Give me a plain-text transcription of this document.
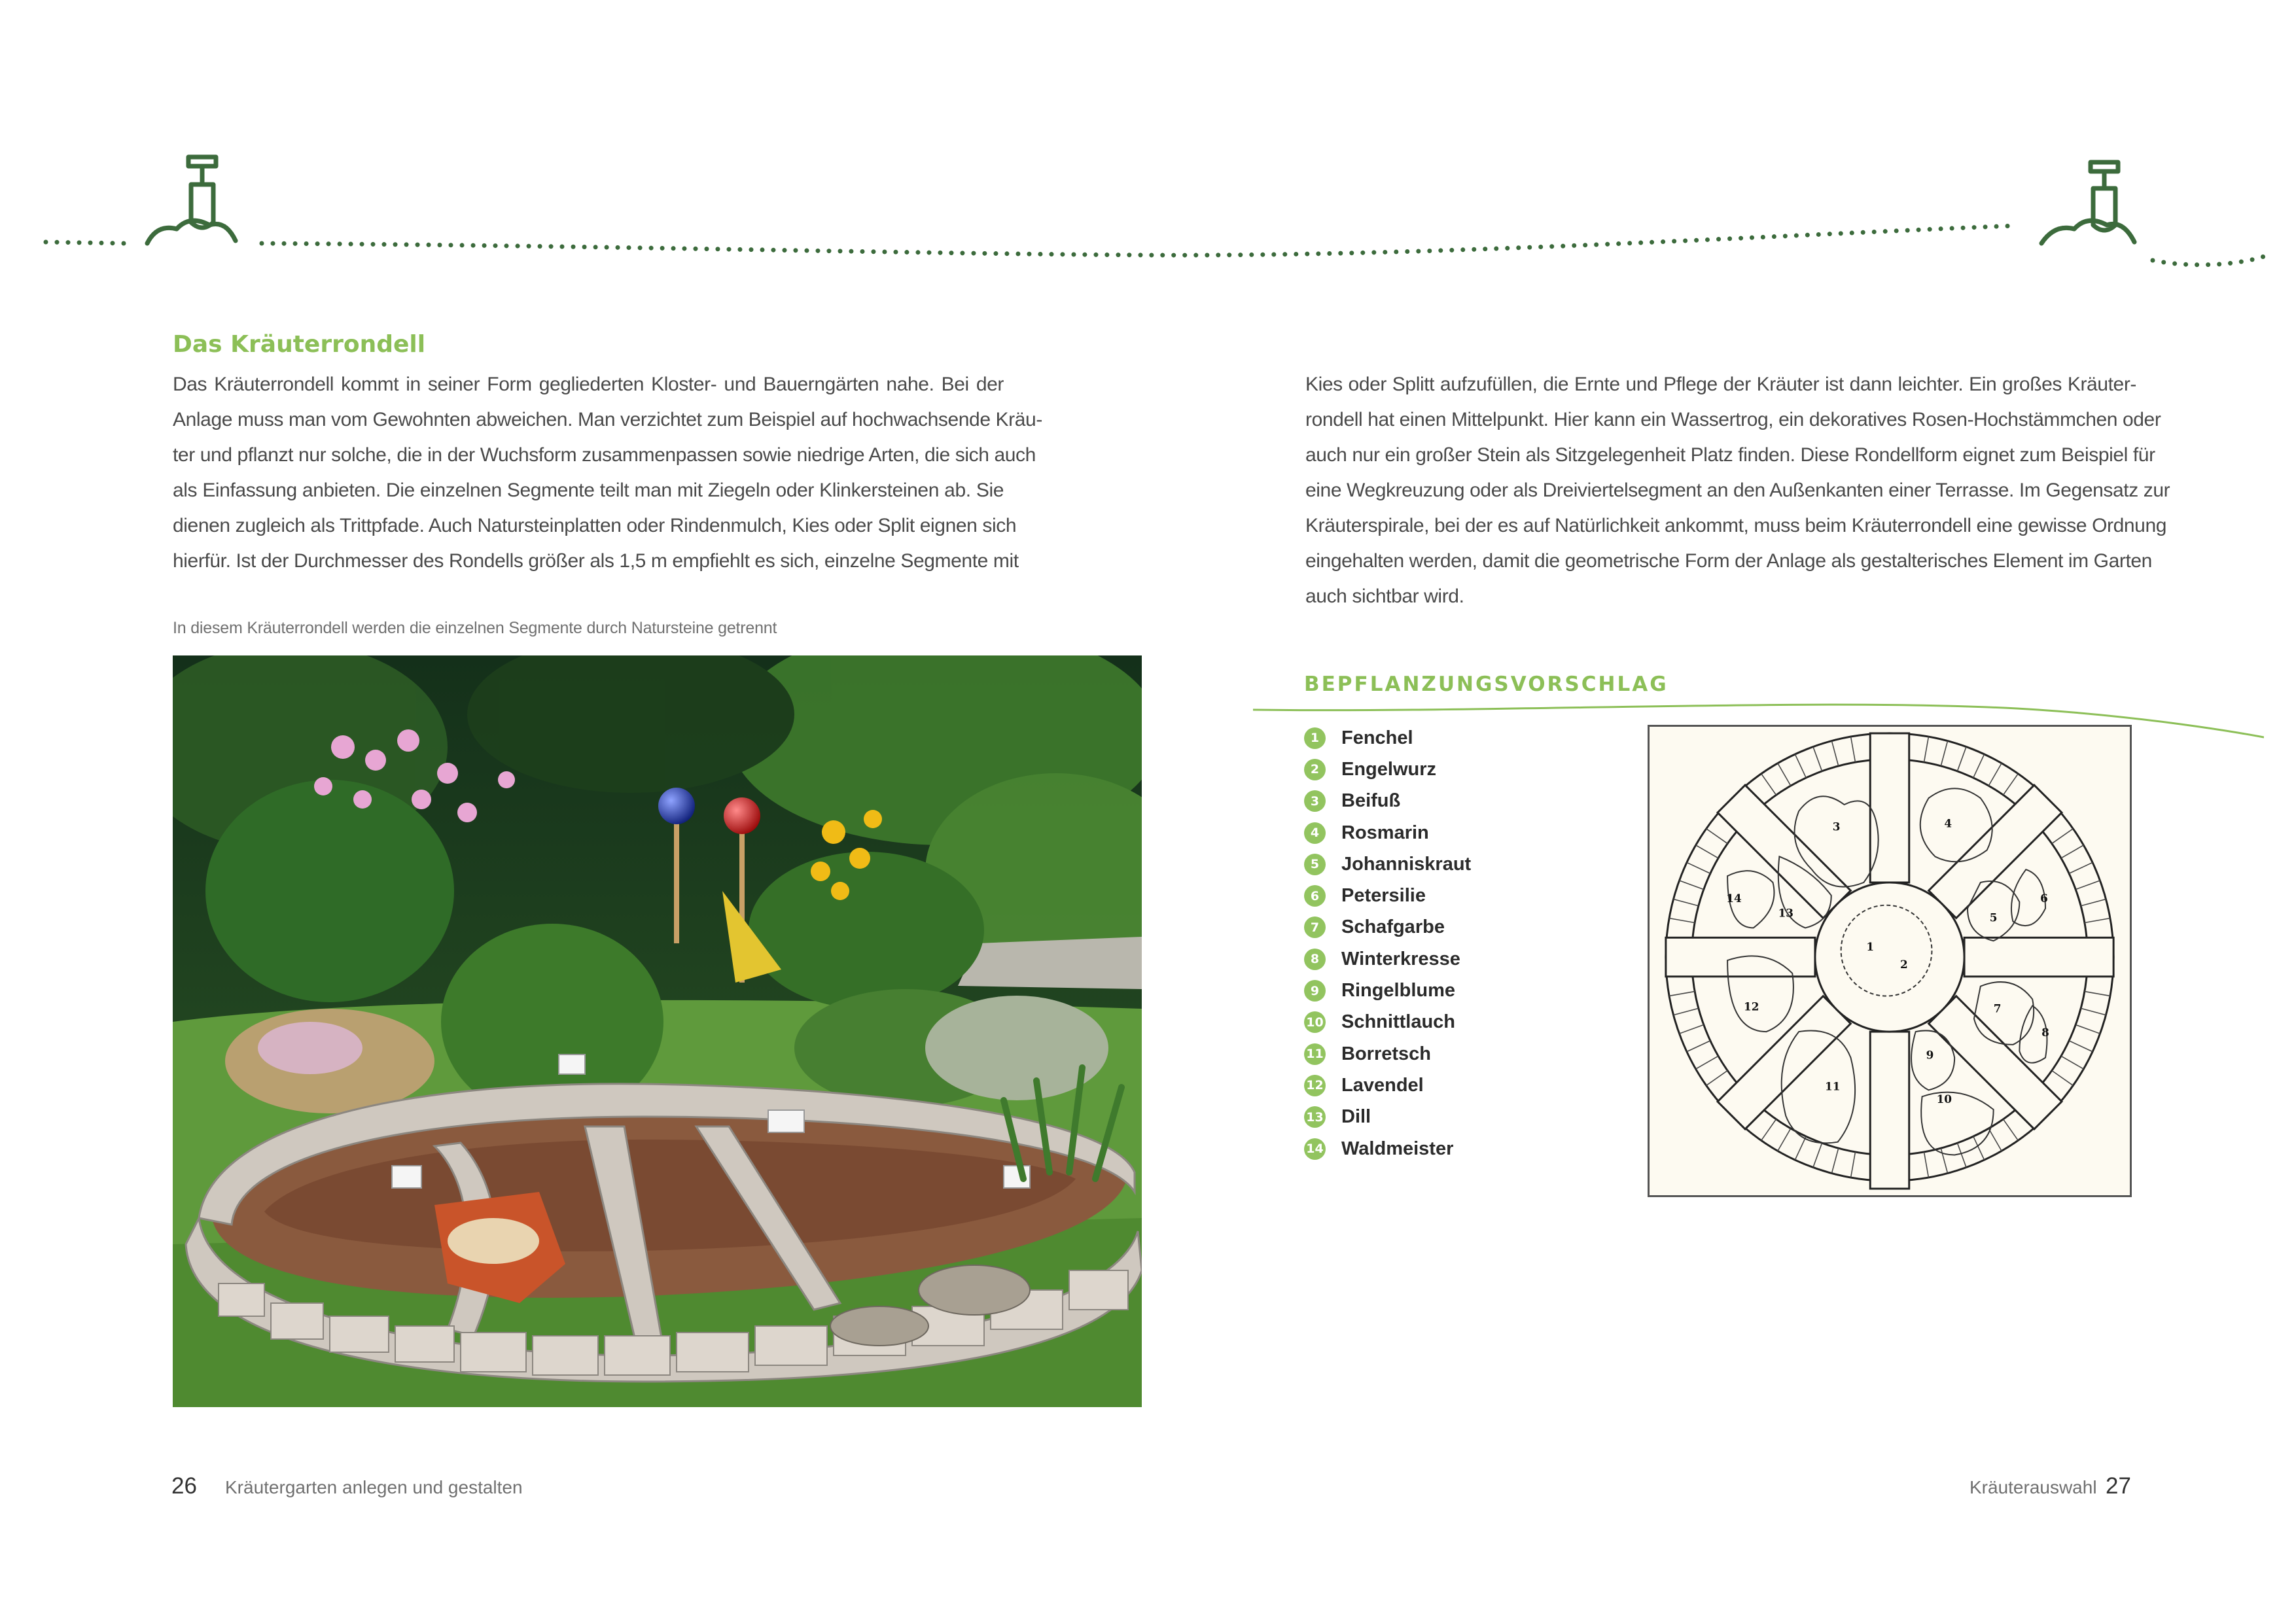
Das Kräuterrondell
Das Kräuterrondell kommt in seiner Form gegliederten Kloster- und Bauerngärten nahe. Bei der
Anlage muss man vom Gewohnten abweichen. Man verzichtet zum Beispiel auf hochwachsende Kräu-
ter und pflanzt nur solche, die in der Wuchsform zusammenpassen sowie niedrige Arten, die sich auch
als Einfassung anbieten. Die einzelnen Segmente teilt man mit Ziegeln oder Klinkersteinen ab. Sie
dienen zugleich als Trittpfade. Auch Natursteinplatten oder Rindenmulch, Kies oder Split eignen sich
hierfür. Ist der Durchmesser des Rondells größer als 1,5 m empfiehlt es sich, einzelne Segmente mit
In diesem Kräuterrondell werden die einzelnen Segmente durch Natursteine getrennt
Kies oder Splitt aufzufüllen, die Ernte und Pflege der Kräuter ist dann leichter. Ein großes Kräuter-
rondell hat einen Mittelpunkt. Hier kann ein Wassertrog, ein dekoratives Rosen-Hochstämmchen oder
auch nur ein großer Stein als Sitzgelegenheit Platz finden. Diese Rondellform eignet zum Beispiel für
eine Wegkreuzung oder als Dreiviertelsegment an den Außenkanten einer Terrasse. Im Gegensatz zur
Kräuterspirale, bei der es auf Natürlichkeit ankommt, muss beim Kräuterrondell eine gewisse Ordnung
eingehalten werden, damit die geometrische Form der Anlage als gestalterisches Element im Garten
auch sichtbar wird.
BEPFLANZUNGSVORSCHLAG
1	Fenchel
2	Engelwurz
3	Beifuß
4	Rosmarin
5	Johanniskraut
6	Petersilie
7	Schafgarbe
8	Winterkresse
9	Ringelblume
10 Schnittlauch
11 Borretsch
12 Lavendel
13 Dill
14 Waldmeister
1
2
3	4
5
6
7
8
9
10
11
12
13
14
26 Kräutergarten anlegen und gestalten	Kräuterauswahl 27
